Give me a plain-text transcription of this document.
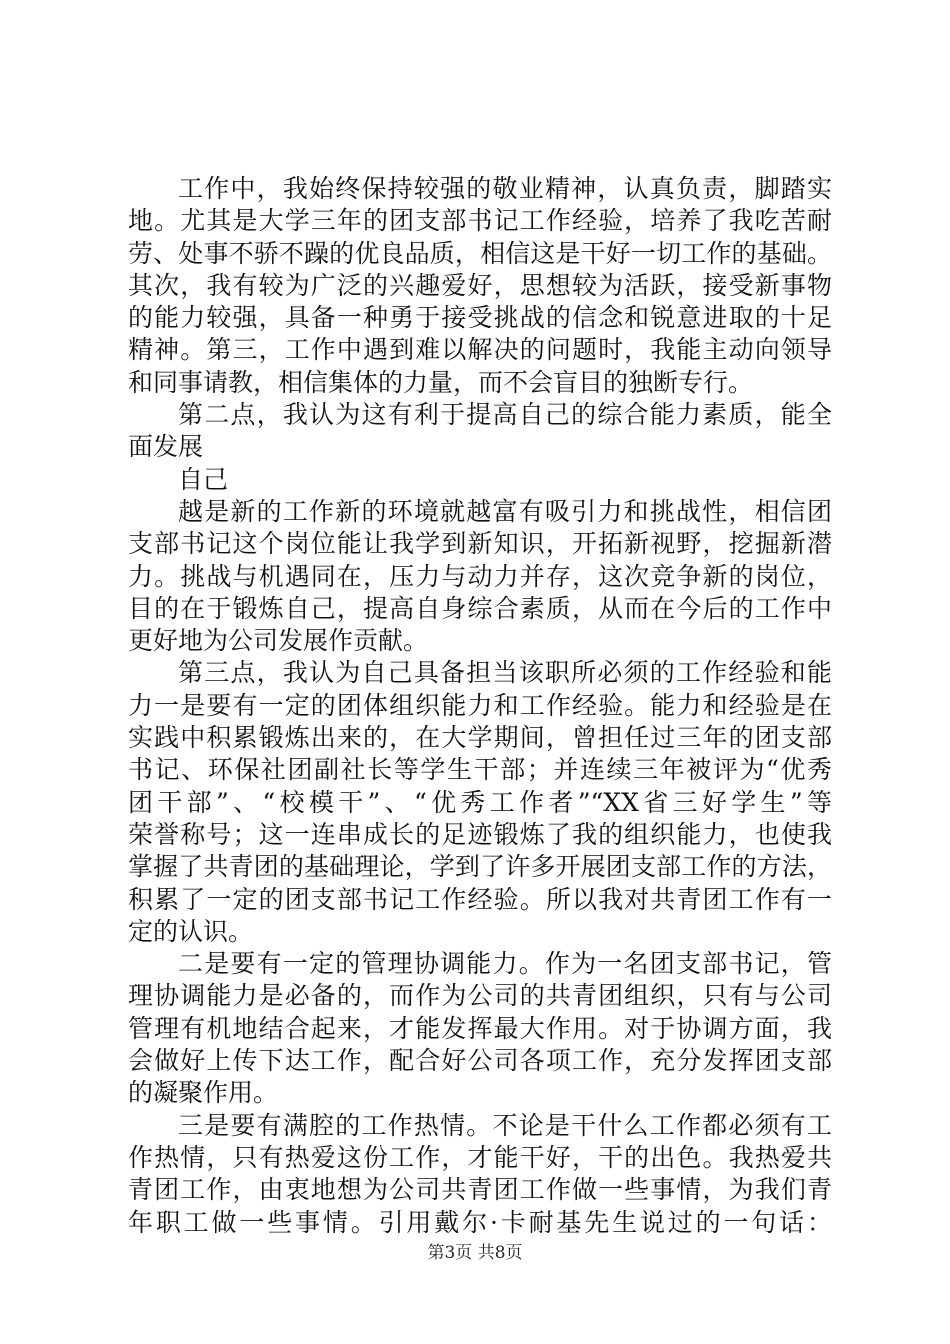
工作中，我始终保持较强的敬业精神，认真负责，脚踏实
地。尤其是大学三年的团支部书记工作经验，培养了我吃苦耐
劳、处事不骄不躁的优良品质，相信这是干好一切工作的基础。
其次，我有较为广泛的兴趣爱好，思想较为活跃，接受新事物
的能力较强，具备一种勇于接受挑战的信念和锐意进取的十足
精神。第三，工作中遇到难以解决的问题时，我能主动向领导
和同事请教，相信集体的力量，而不会盲目的独断专行。
第二点，我认为这有利于提高自己的综合能力素质，能全
面发展
自己
越是新的工作新的环境就越富有吸引力和挑战性，相信团
支部书记这个岗位能让我学到新知识，开拓新视野，挖掘新潜
力。挑战与机遇同在，压力与动力并存，这次竞争新的岗位，
目的在于锻炼自己，提高自身综合素质，从而在今后的工作中
更好地为公司发展作贡献。
第三点，我认为自己具备担当该职所必须的工作经验和能
力一是要有一定的团体组织能力和工作经验。能力和经验是在
实践中积累锻炼出来的，在大学期间，曾担任过三年的团支部
书记、环保社团副社长等学生干部；并连续三年被评为“优秀
团干部”、“校模干”、“优秀工作者”“XX省三好学生”等
荣誉称号；这一连串成长的足迹锻炼了我的组织能力，也使我
掌握了共青团的基础理论，学到了许多开展团支部工作的方法，
积累了一定的团支部书记工作经验。所以我对共青团工作有一
定的认识。
二是要有一定的管理协调能力。作为一名团支部书记，管
理协调能力是必备的，而作为公司的共青团组织，只有与公司
管理有机地结合起来，才能发挥最大作用。对于协调方面，我
会做好上传下达工作，配合好公司各项工作，充分发挥团支部
的凝聚作用。
三是要有满腔的工作热情。不论是干什么工作都必须有工
作热情，只有热爱这份工作，才能干好，干的出色。我热爱共
青团工作，由衷地想为公司共青团工作做一些事情，为我们青
年职工做一些事情。引用戴尔·卡耐基先生说过的一句话：
第3页 共8页
